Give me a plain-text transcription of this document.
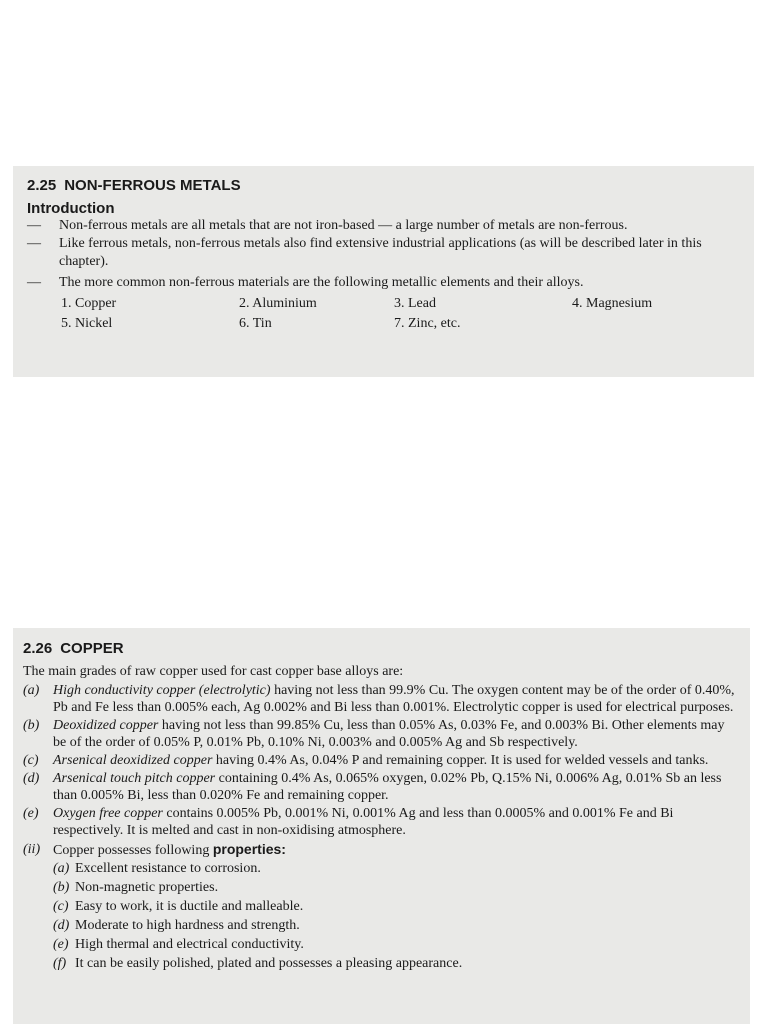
2.25 NON-FERROUS METALS
Introduction
—	Non-ferrous metals are all metals that are not iron-based — a large number of metals are non-ferrous.
—	Like ferrous metals, non-ferrous metals also find extensive industrial applications (as will be described later in this chapter).
—	The more common non-ferrous materials are the following metallic elements and their alloys.
1. Copper	2. Aluminium	3. Lead	4. Magnesium
5. Nickel	6. Tin	7. Zinc, etc.
2.26 COPPER
The main grades of raw copper used for cast copper base alloys are:
(a) High conductivity copper (electrolytic) having not less than 99.9% Cu. The oxygen content may be of the order of 0.40%, Pb and Fe less than 0.005% each, Ag 0.002% and Bi less than 0.001%. Electrolytic copper is used for electrical purposes.
(b) Deoxidized copper having not less than 99.85% Cu, less than 0.05% As, 0.03% Fe, and 0.003% Bi. Other elements may be of the order of 0.05% P, 0.01% Pb, 0.10% Ni, 0.003% and 0.005% Ag and Sb respectively.
(c)	Arsenical deoxidized copper having 0.4% As, 0.04% P and remaining copper. It is used for welded vessels and tanks.
(d) Arsenical touch pitch copper containing 0.4% As, 0.065% oxygen, 0.02% Pb, Q.15% Ni, 0.006% Ag, 0.01% Sb an less than 0.005% Bi, less than 0.020% Fe and remaining copper.
(e)	Oxygen free copper contains 0.005% Pb, 0.001% Ni, 0.001% Ag and less than 0.0005% and 0.001% Fe and Bi respectively. It is melted and cast in non-oxidising atmosphere.
(ii) Copper possesses following properties:
(a) Excellent resistance to corrosion.
(b) Non-magnetic properties.
(c) Easy to work, it is ductile and malleable.
(d) Moderate to high hardness and strength.
(e) High thermal and electrical conductivity.
(f) It can be easily polished, plated and possesses a pleasing appearance.
